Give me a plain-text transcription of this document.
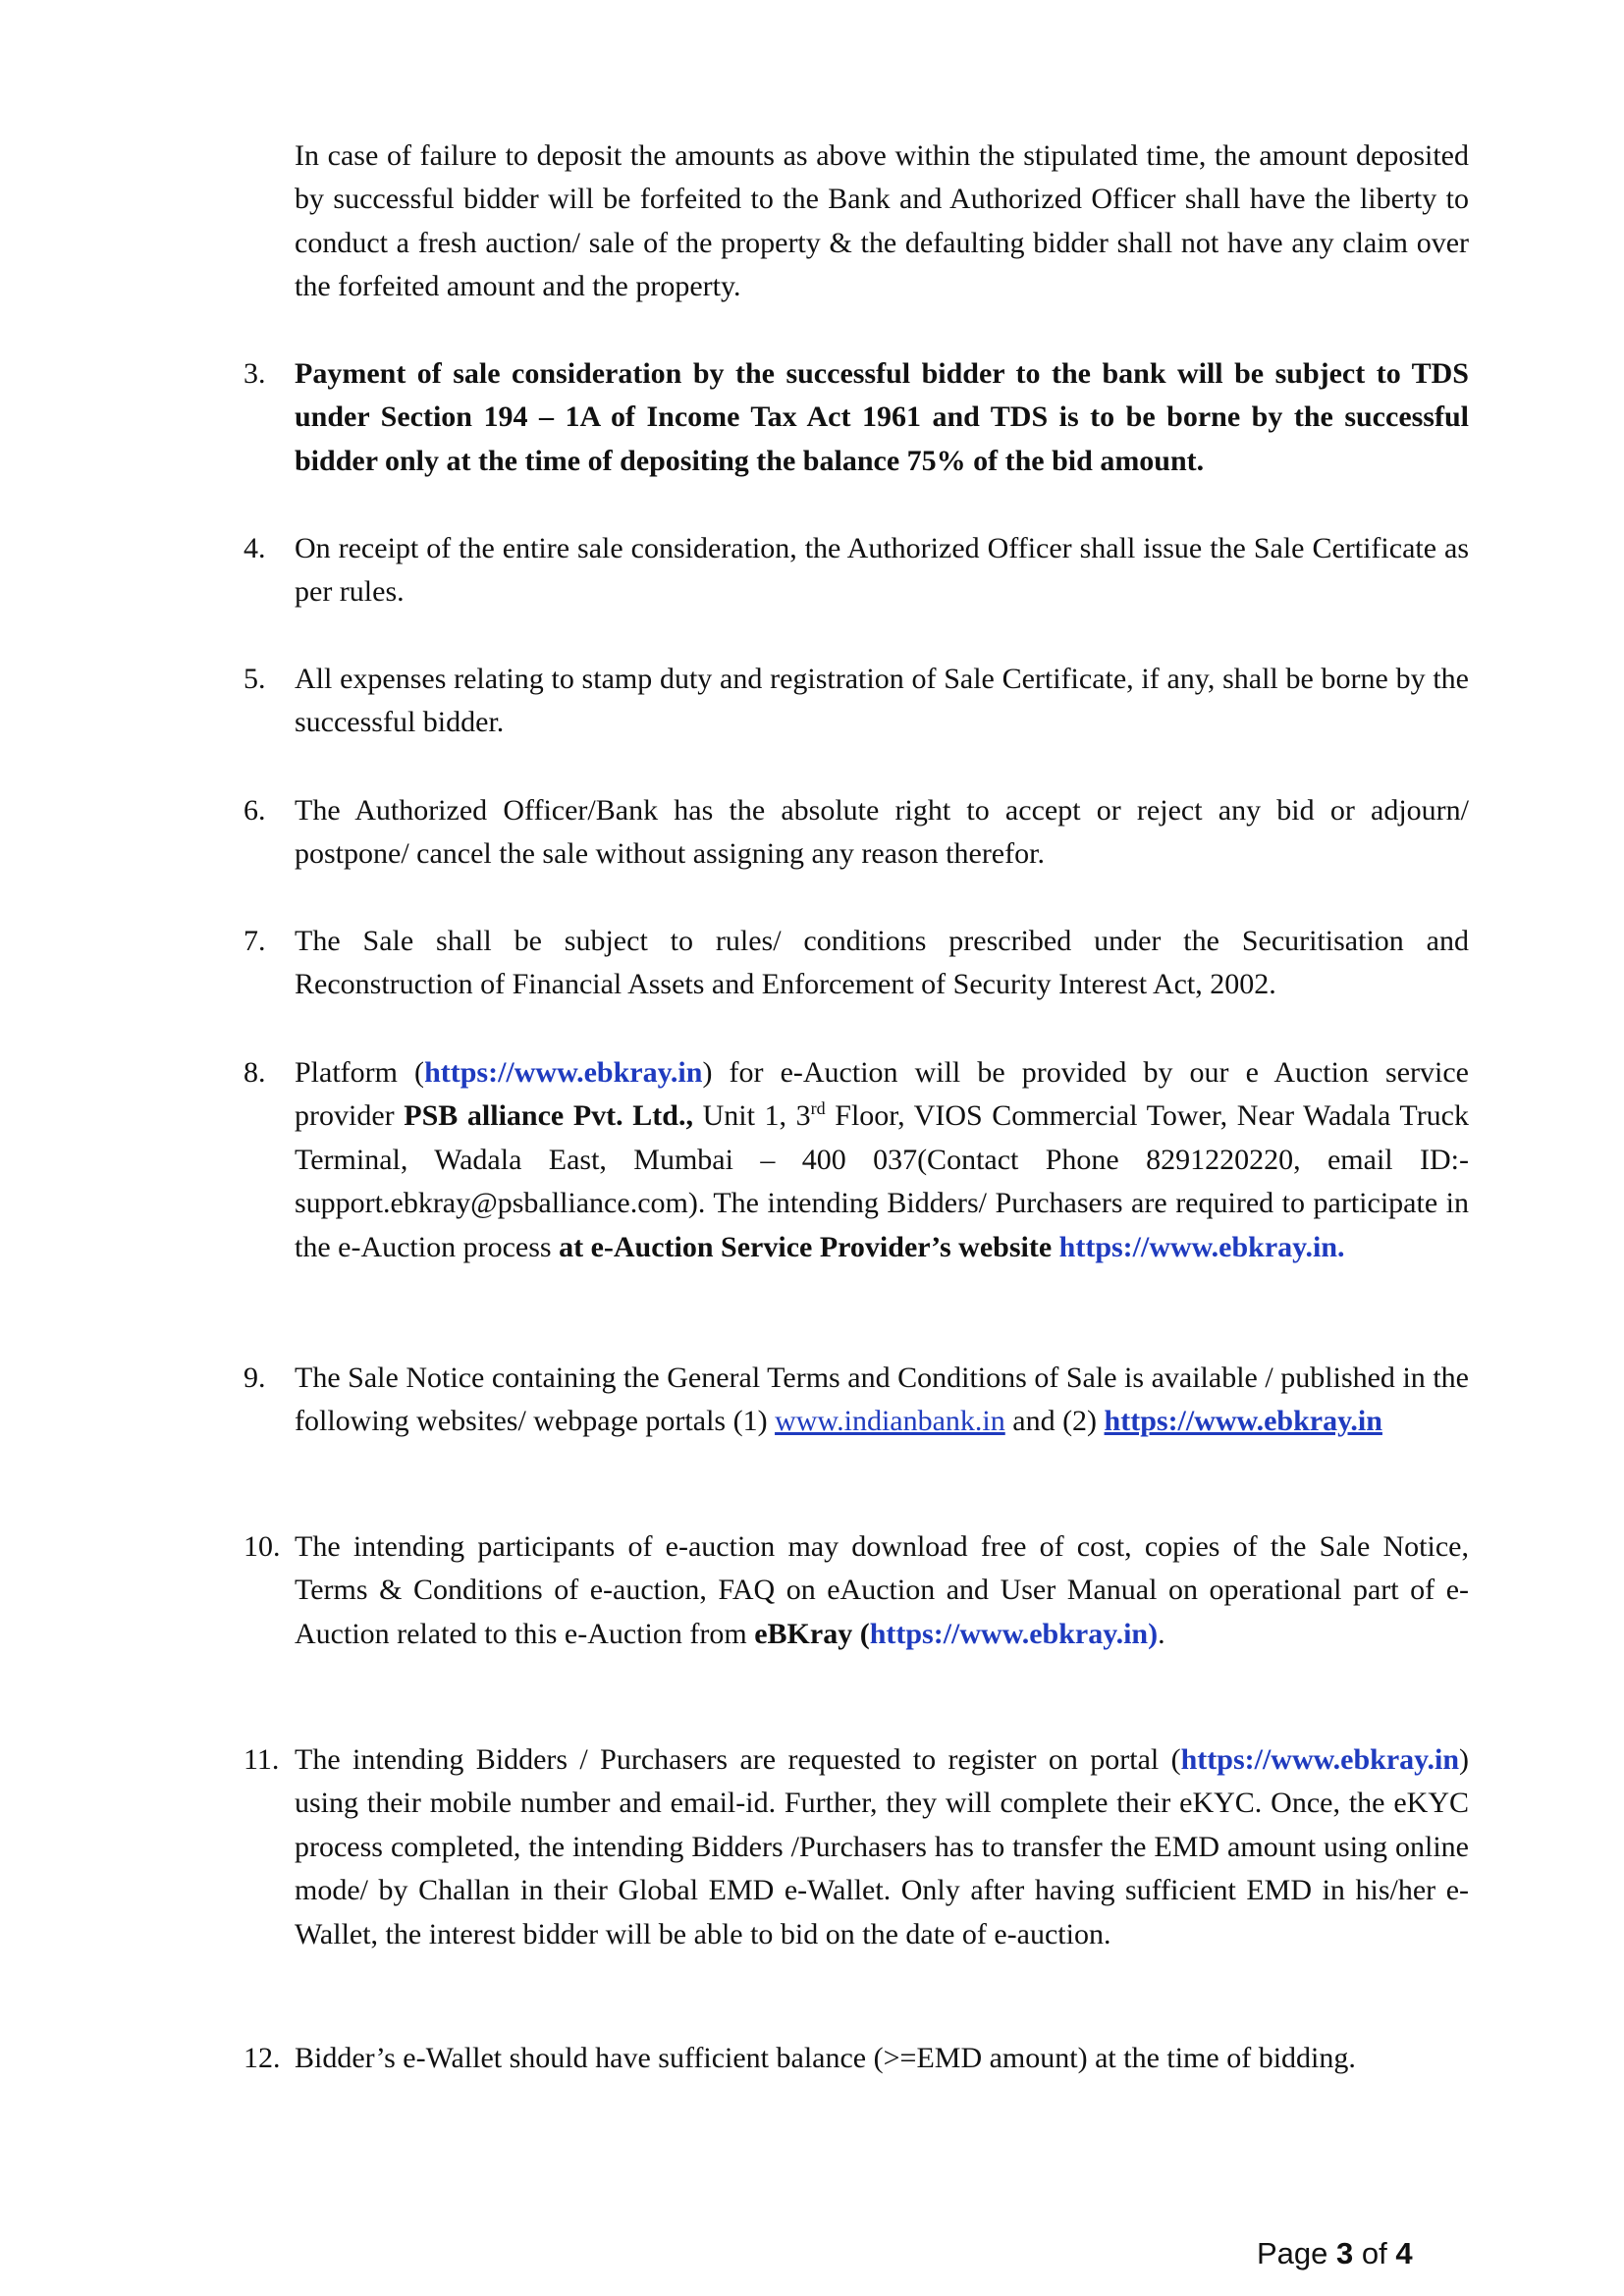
In case of failure to deposit the amounts as above within the stipulated time, the amount deposited by successful bidder will be forfeited to the Bank and Authorized Officer shall have the liberty to conduct a fresh auction/ sale of the property & the defaulting bidder shall not have any claim over the forfeited amount and the property.
3. Payment of sale consideration by the successful bidder to the bank will be subject to TDS under Section 194 – 1A of Income Tax Act 1961 and TDS is to be borne by the successful bidder only at the time of depositing the balance 75% of the bid amount.
4. On receipt of the entire sale consideration, the Authorized Officer shall issue the Sale Certificate as per rules.
5. All expenses relating to stamp duty and registration of Sale Certificate, if any, shall be borne by the successful bidder.
6. The Authorized Officer/Bank has the absolute right to accept or reject any bid or adjourn/ postpone/ cancel the sale without assigning any reason therefor.
7. The Sale shall be subject to rules/ conditions prescribed under the Securitisation and Reconstruction of Financial Assets and Enforcement of Security Interest Act, 2002.
8. Platform (https://www.ebkray.in) for e-Auction will be provided by our e Auction service provider PSB alliance Pvt. Ltd., Unit 1, 3rd Floor, VIOS Commercial Tower, Near Wadala Truck Terminal, Wadala East, Mumbai – 400 037(Contact Phone 8291220220, email ID:- support.ebkray@psballiance.com). The intending Bidders/ Purchasers are required to participate in the e-Auction process at e-Auction Service Provider’s website https://www.ebkray.in.
9. The Sale Notice containing the General Terms and Conditions of Sale is available / published in the following websites/ webpage portals (1) www.indianbank.in and (2) https://www.ebkray.in
10. The intending participants of e-auction may download free of cost, copies of the Sale Notice, Terms & Conditions of e-auction, FAQ on eAuction and User Manual on operational part of e-Auction related to this e-Auction from eBKray (https://www.ebkray.in).
11. The intending Bidders / Purchasers are requested to register on portal (https://www.ebkray.in) using their mobile number and email-id. Further, they will complete their eKYC. Once, the eKYC process completed, the intending Bidders /Purchasers has to transfer the EMD amount using online mode/ by Challan in their Global EMD e-Wallet. Only after having sufficient EMD in his/her e-Wallet, the interest bidder will be able to bid on the date of e-auction.
12. Bidder’s e-Wallet should have sufficient balance (>=EMD amount) at the time of bidding.
Page 3 of 4
